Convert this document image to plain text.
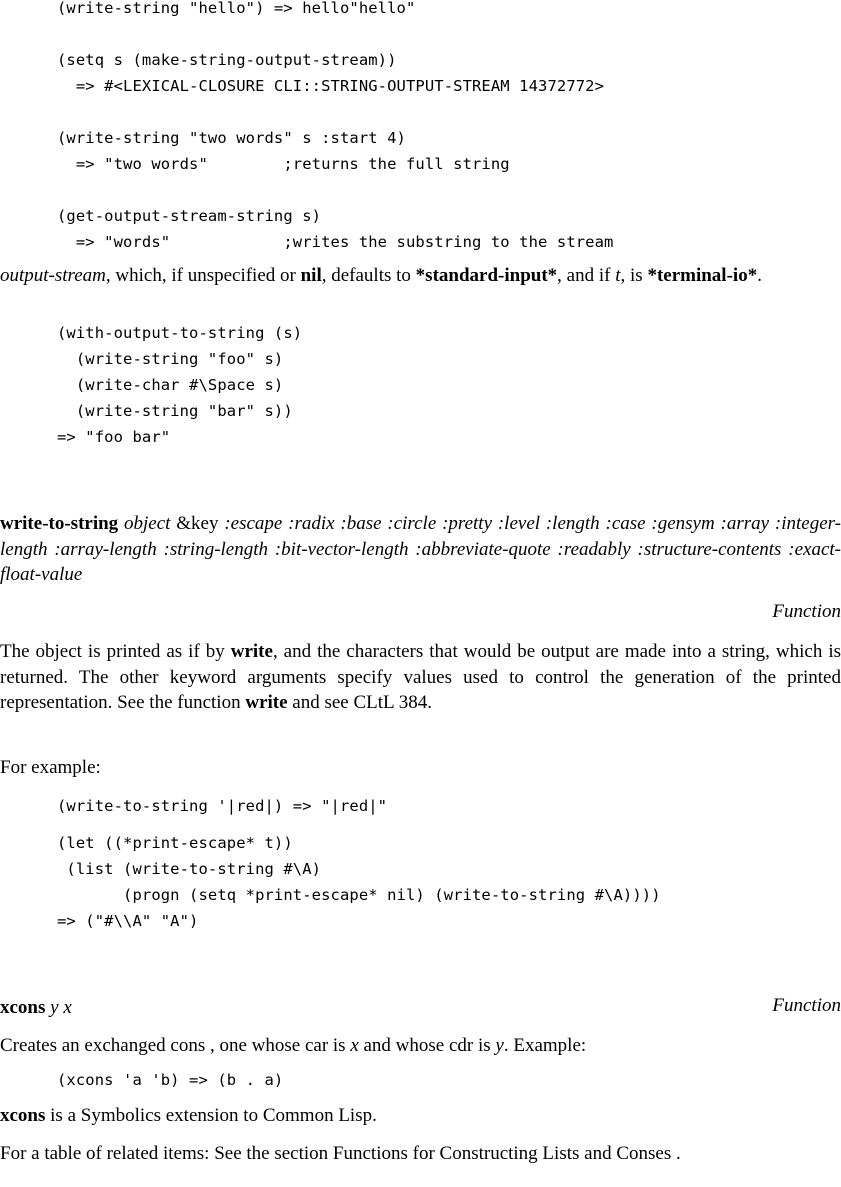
(write-string "hello") => hello"hello"

(setq s (make-string-output-stream))
=> #<LEXICAL-CLOSURE CLI::STRING-OUTPUT-STREAM 14372772>

(write-string "two words" s :start 4)
=> "two words"        ;returns the full string

(get-output-stream-string s)
=> "words"            ;writes the substring to the stream

output-stream, which, if unspecified or nil, defaults to *standard-input*, and if t, is *terminal-io*.

(with-output-to-string (s)
(write-string "foo" s)
(write-char #\Space s)
(write-string "bar" s))
=> "foo bar"

write-to-string object &key :escape :radix :base :circle :pretty :level :length :case :gensym :array :integer-length :array-length :string-length :bit-vector-length :abbreviate-quote :readably :structure-contents :exact-float-value

Function

The object is printed as if by write, and the characters that would be output are made into a string, which is returned. The other keyword arguments specify values used to control the generation of the printed representation. See the function write and see CLtL 384.

For example:

(write-to-string '|red|) => "|red|"
(let ((*print-escape* t))
(list (write-to-string #\A)
(progn (setq *print-escape* nil) (write-to-string #\A))))
=> ("#\\A" "A")

xcons y x	Function

Creates an exchanged cons , one whose car is x and whose cdr is y. Example:

(xcons 'a 'b) => (b . a)

xcons is a Symbolics extension to Common Lisp.

For a table of related items: See the section Functions for Constructing Lists and Conses .
